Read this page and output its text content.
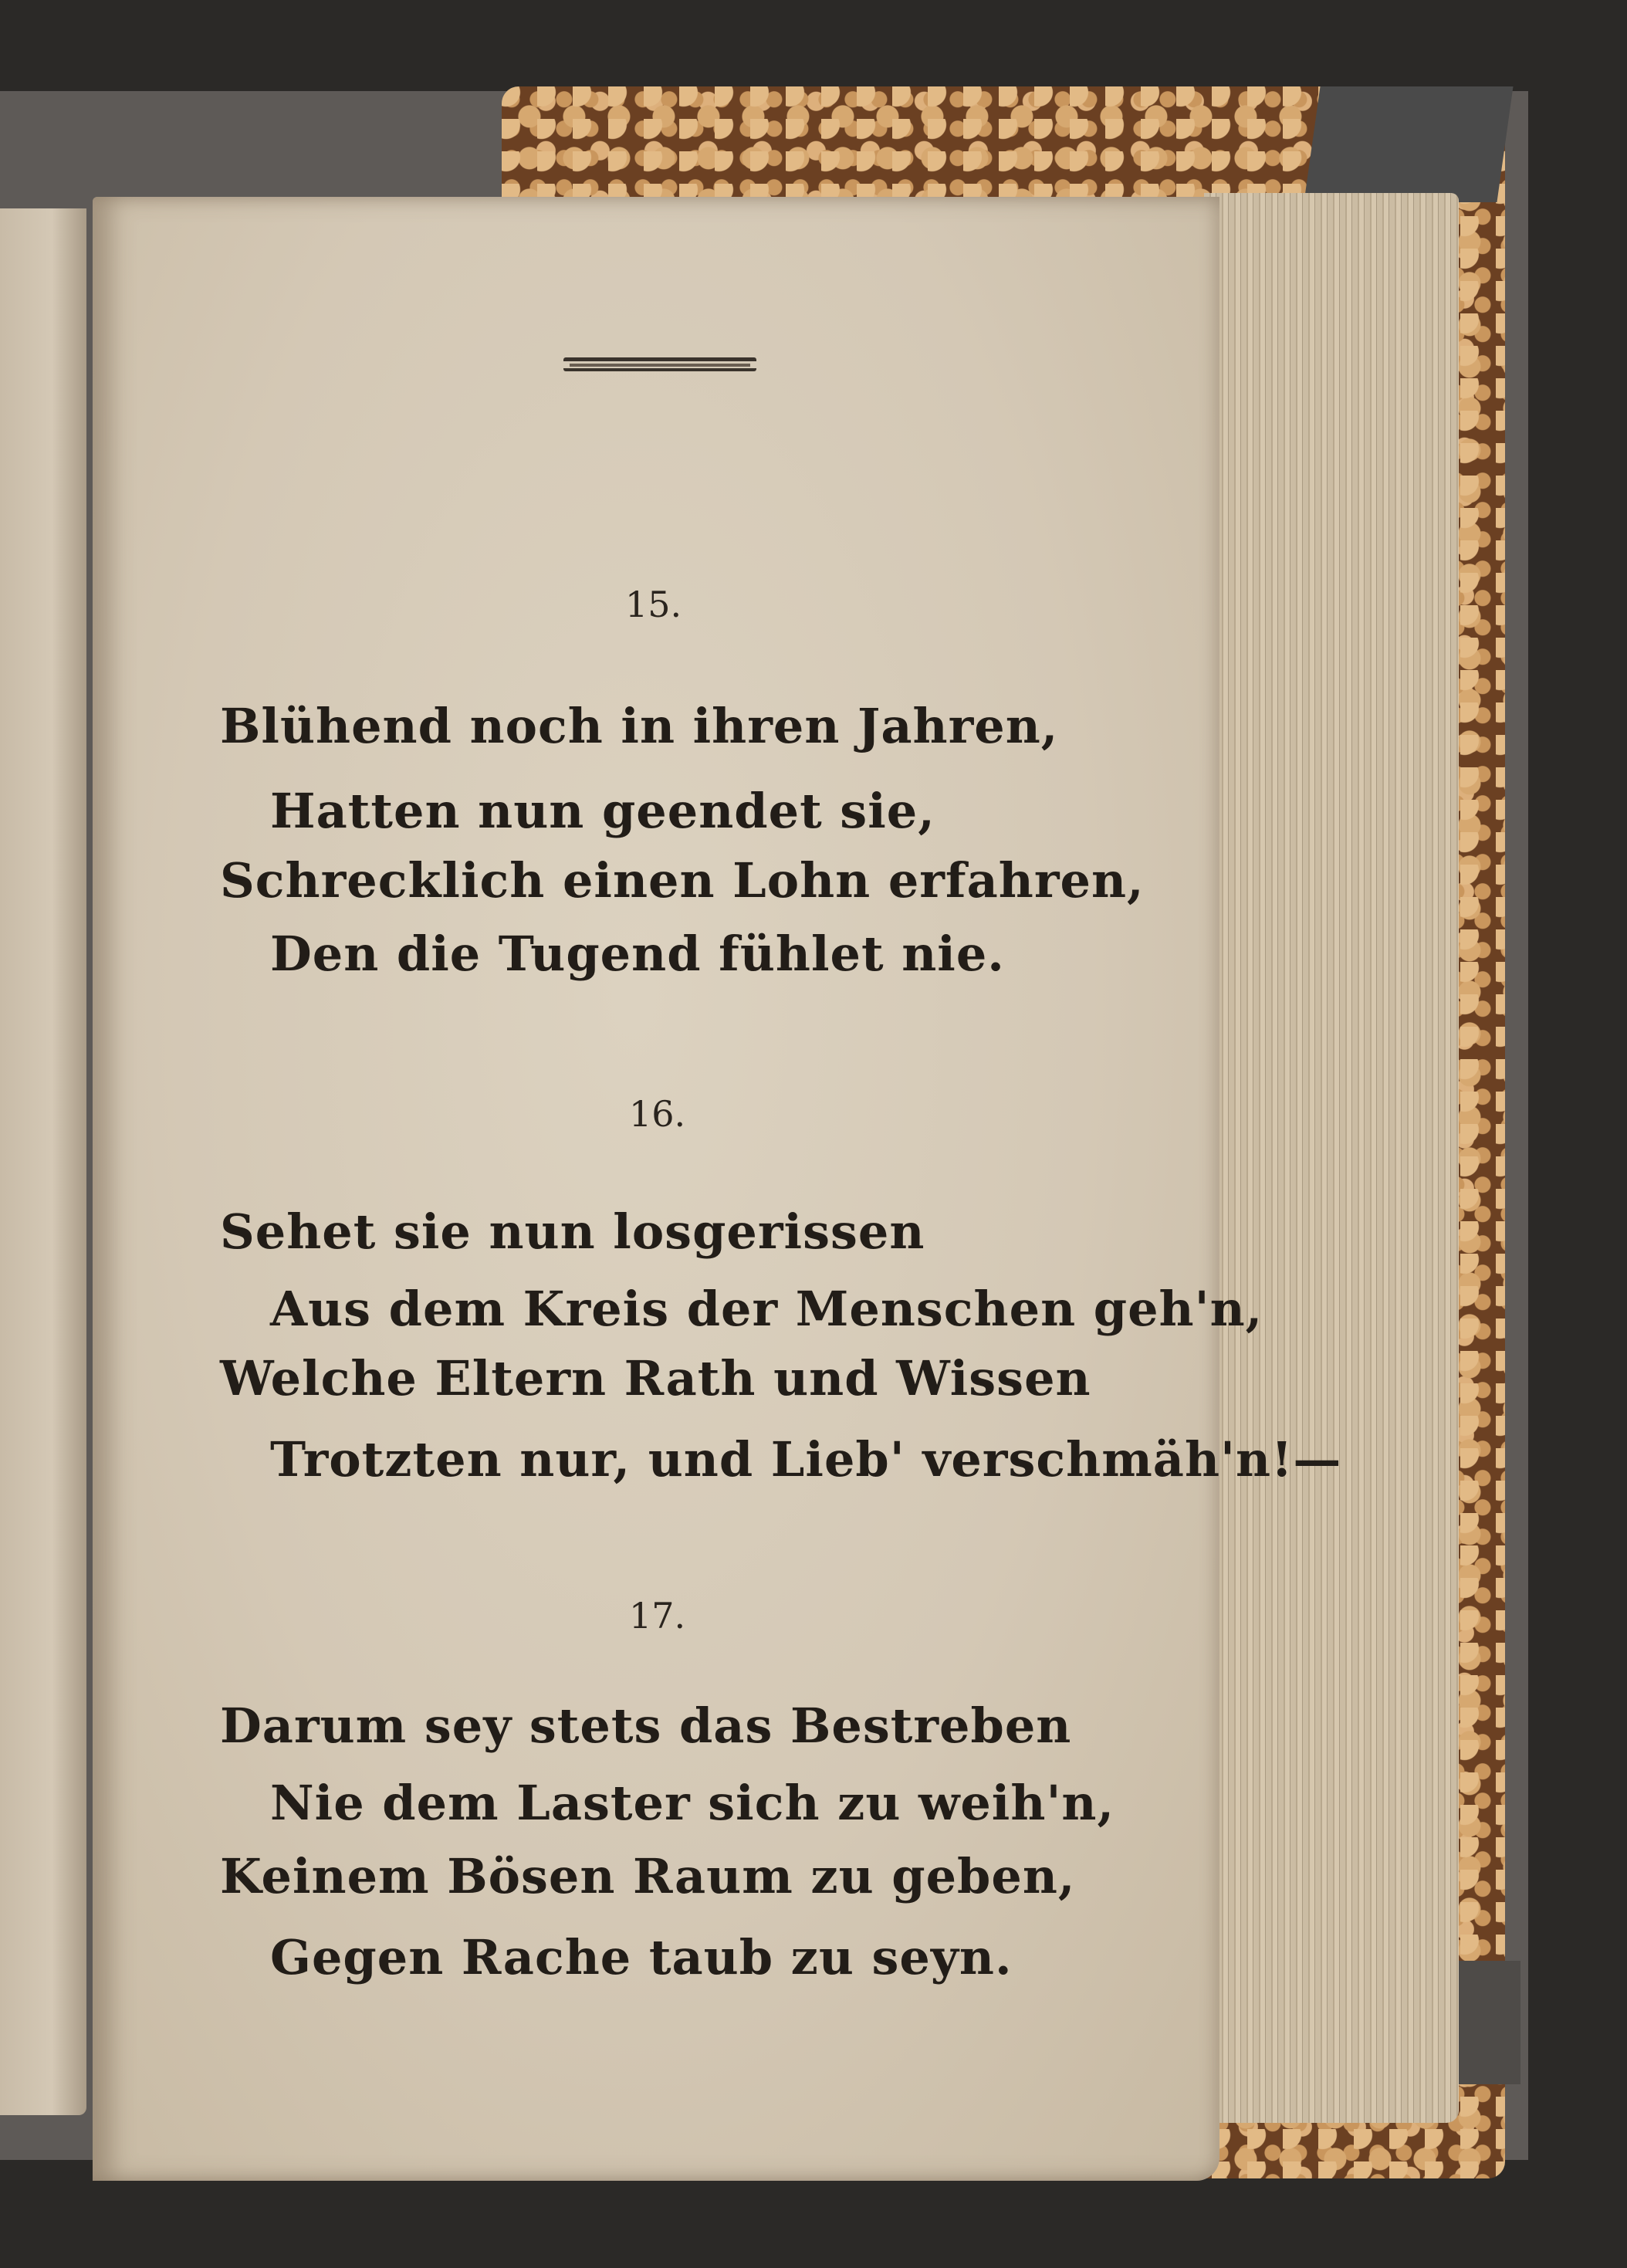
15.
Blühend noch in ihren Jahren,
Hatten nun geendet sie,
Schrecklich einen Lohn erfahren,
Den die Tugend fühlet nie.
16.
Sehet sie nun losgerissen
Aus dem Kreis der Menschen geh'n,
Welche Eltern Rath und Wissen
Trotzten nur, und Lieb' verschmäh'n!—
17.
Darum sey stets das Bestreben
Nie dem Laster sich zu weih'n,
Keinem Bösen Raum zu geben,
Gegen Rache taub zu seyn.
